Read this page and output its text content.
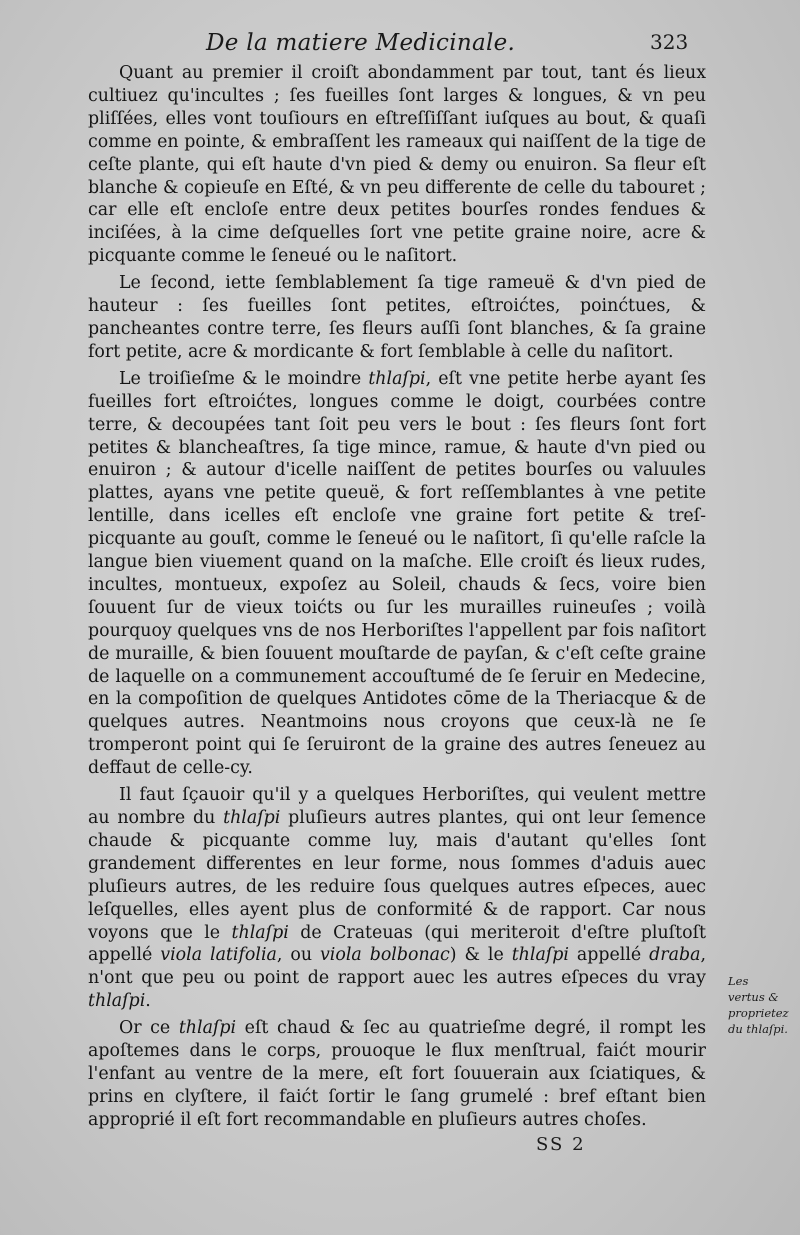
De la matiere Medicinale.	323

Quant au premier il croiſt abondamment par tout, tant és lieux cultiuez qu'incultes ; ſes fueilles ſont larges & longues, & vn peu pliſſées, elles vont touſiours en eſtreſſiſſant iuſques au bout, & quaſi comme en pointe, & embraſſent les rameaux qui naiſſent de la tige de ceſte plante, qui eſt haute d'vn pied & demy ou enuiron. Sa fleur eſt blanche & copieuſe en Eſté, & vn peu differente de celle du tabouret ; car elle eſt encloſe entre deux petites bourſes rondes fendues & inciſées, à la cime deſquelles ſort vne petite graine noire, acre & picquante comme le ſeneué ou le naſitort.

Le ſecond, iette ſemblablement ſa tige rameuë & d'vn pied de hauteur : ſes fueilles ſont petites, eſtroićtes, poinćtues, & pancheantes contre terre, ſes fleurs auſſi ſont blanches, & ſa graine fort petite, acre & mordicante & fort ſemblable à celle du naſitort.

Le troiſieſme & le moindre thlaſpi, eſt vne petite herbe ayant ſes fueilles fort eſtroićtes, longues comme le doigt, courbées contre terre, & decoupées tant ſoit peu vers le bout : ſes fleurs ſont fort petites & blancheaſtres, ſa tige mince, ramue, & haute d'vn pied ou enuiron ; & autour d'icelle naiſſent de petites bourſes ou valuules plattes, ayans vne petite queuë, & fort reſſemblantes à vne petite lentille, dans icelles eſt encloſe vne graine fort petite & treſ-picquante au gouſt, comme le ſeneué ou le naſitort, ſi qu'elle raſcle la langue bien viuement quand on la maſche. Elle croiſt és lieux rudes, incultes, montueux, expoſez au Soleil, chauds & ſecs, voire bien ſouuent ſur de vieux toićts ou ſur les murailles ruineuſes ; voilà pourquoy quelques vns de nos Herboriſtes l'appellent par fois naſitort de muraille, & bien ſouuent mouſtarde de payſan, & c'eſt ceſte graine de laquelle on a communement accouſtumé de ſe ſeruir en Medecine, en la compoſition de quelques Antidotes cōme de la Theriacque & de quelques autres. Neantmoins nous croyons que ceux-là ne ſe tromperont point qui ſe ſeruiront de la graine des autres ſeneuez au deffaut de celle-cy.

Il faut ſçauoir qu'il y a quelques Herboriſtes, qui veulent mettre au nombre du thlaſpi pluſieurs autres plantes, qui ont leur ſemence chaude & picquante comme luy, mais d'autant qu'elles ſont grandement differentes en leur forme, nous ſommes d'aduis auec pluſieurs autres, de les reduire ſous quelques autres eſpeces, auec leſquelles, elles ayent plus de conformité & de rapport. Car nous voyons que le thlaſpi de Crateuas (qui meriteroit d'eſtre pluſtoſt appellé viola latifolia, ou viola bolbonac) & le thlaſpi appellé draba, n'ont que peu ou point de rapport auec les autres eſpeces du vray thlaſpi.

Or ce thlaſpi eſt chaud & ſec au quatrieſme degré, il rompt les apoſtemes dans le corps, prouoque le flux menſtrual, faićt mourir l'enfant au ventre de la mere, eſt fort ſouuerain aux ſciatiques, & prins en clyſtere, il faićt ſortir le ſang grumelé : bref eſtant bien approprié il eſt fort recommandable en pluſieurs autres choſes.

Les vertus & proprietez du thlaſpi.
SS 2
